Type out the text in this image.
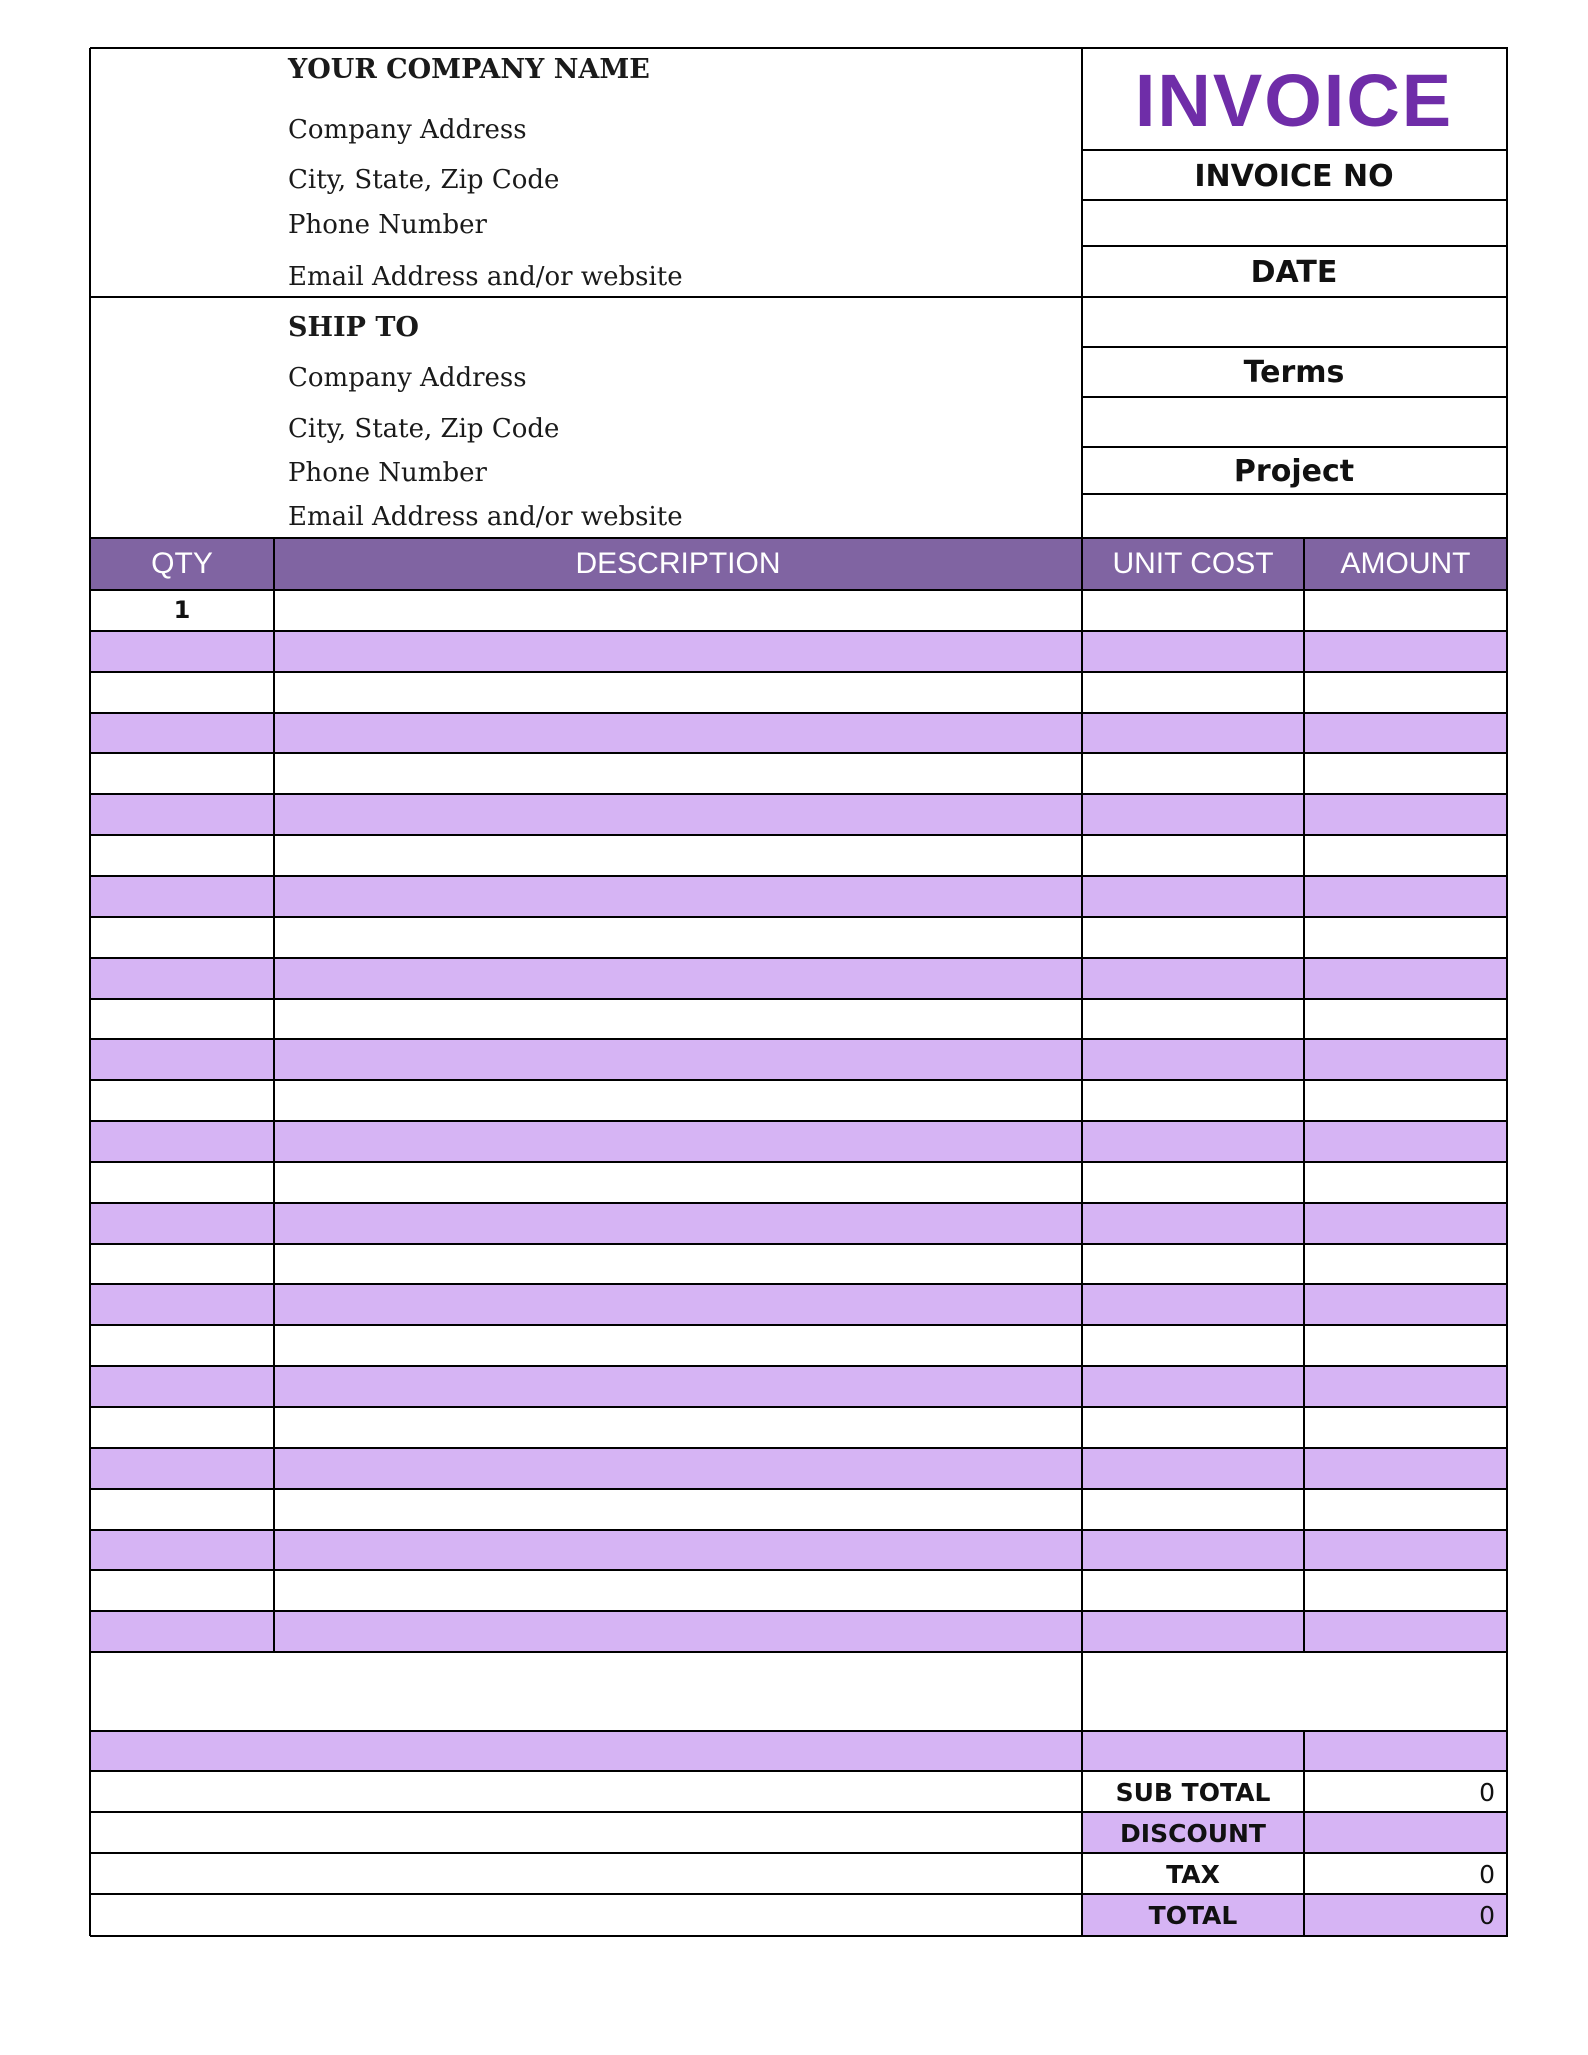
YOUR COMPANY NAME
Company Address
City, State, Zip Code
Phone Number
Email Address and/or website
SHIP TO
Company Address
City, State, Zip Code
Phone Number
Email Address and/or website
INVOICE
INVOICE NO
DATE
Terms
Project
QTY	DESCRIPTION	UNIT COST	AMOUNT
1
SUB TOTAL	0
DISCOUNT
TAX	0
TOTAL	0
